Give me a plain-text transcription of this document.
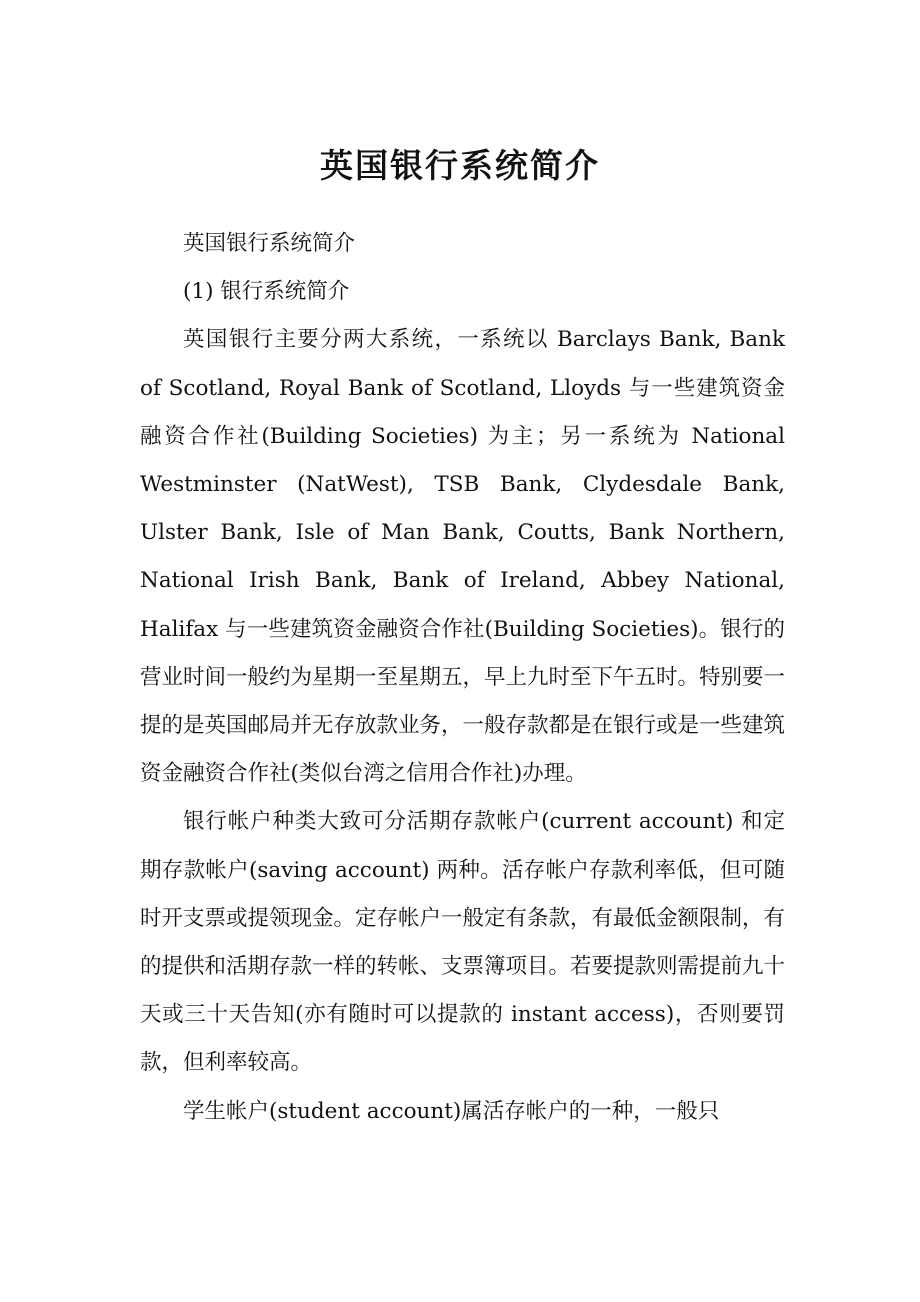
英国银行系统简介

英国银行系统简介

(1) 银行系统简介

英国银行主要分两大系统，一系统以 Barclays Bank, Bank of Scotland, Royal Bank of Scotland, Lloyds 与一些建筑资金融资合作社(Building Societies) 为主；另一系统为 National Westminster (NatWest), TSB Bank, Clydesdale Bank, Ulster Bank, Isle of Man Bank, Coutts, Bank Northern, National Irish Bank, Bank of Ireland, Abbey National, Halifax 与一些建筑资金融资合作社(Building Societies)。银行的营业时间一般约为星期一至星期五，早上九时至下午五时。特别要一提的是英国邮局并无存放款业务，一般存款都是在银行或是一些建筑资金融资合作社(类似台湾之信用合作社)办理。

银行帐户种类大致可分活期存款帐户(current account) 和定期存款帐户(saving account) 两种。活存帐户存款利率低，但可随时开支票或提领现金。定存帐户一般定有条款，有最低金额限制，有的提供和活期存款一样的转帐、支票簿项目。若要提款则需提前九十天或三十天告知(亦有随时可以提款的 instant access)，否则要罚款，但利率较高。

学生帐户(student account)属活存帐户的一种，一般只
